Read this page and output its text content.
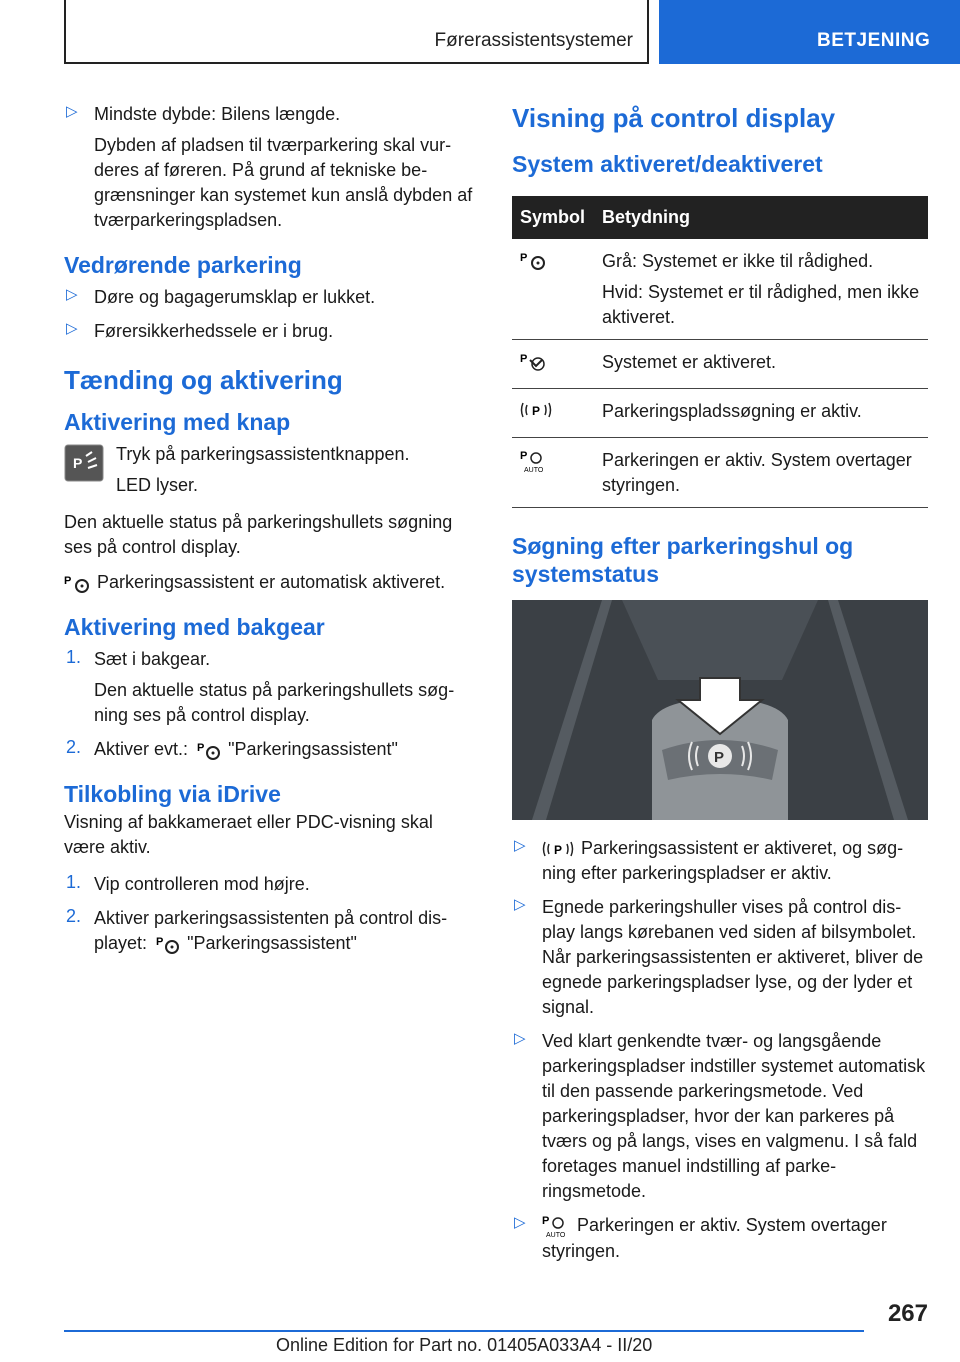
Førerassistentsystemer	BETJENING
▷ Mindste dybde: Bilens længde.

Dybden af pladsen til tværparkering skal vurderes af føreren. På grund af tekniske begrænsninger kan systemet kun anslå dybden af tværparkeringspladsen.

Vedrørende parkering
▷ Døre og bagagerumsklap er lukket.

▷ Førersikkerhedssele er i brug.

Tænding og aktivering
Aktivering med knap
P Tryk på parkeringsassistentknappen.

LED lyser.

Den aktuelle status på parkeringshullets søgning ses på control display.

P Parkeringsassistent er automatisk aktiveret.

Aktivering med bakgear
1. Sæt i bakgear.

Den aktuelle status på parkeringshullets søgning ses på control display.

2. Aktiver evt.: P "Parkeringsassistent"

Tilkobling via iDrive

Visning af bakkameraet eller PDC-visning skal være aktiv.

1. Vip controlleren mod højre.

2. Aktiver parkeringsassistenten på control displayet: P "Parkeringsassistent"

Visning på control display
System aktiveret/deaktiveret
Symbol	Betydning

P	Grå: Systemet er ikke til rådighed.

Hvid: Systemet er til rådighed, men ikke aktiveret.

P	Systemet er aktiveret.

P	Parkeringspladssøgning er aktiv.

P
AUTO	Parkeringen er aktiv. System overtager styringen.

Søgning efter parkeringshul og systemstatus
P
▷ P Parkeringsassistent er aktiveret, og søgning efter parkeringspladser er aktiv.

▷ Egnede parkeringshuller vises på control display langs kørebanen ved siden af bilsymbolet. Når parkeringsassistenten er aktiveret, bliver de egnede parkeringspladser lyse, og der lyder et signal.

▷ Ved klart genkendte tvær- og langsgående parkeringspladser indstiller systemet automatisk til den passende parkeringsmetode. Ved parkeringspladser, hvor der kan parkeres på tværs og på langs, vises en valgmenu. I så fald foretages manuel indstilling af parkeringsmetode.

▷ P
AUTO
Parkeringen er aktiv. System overtager styringen.

267
Online Edition for Part no. 01405A033A4 - II/20
